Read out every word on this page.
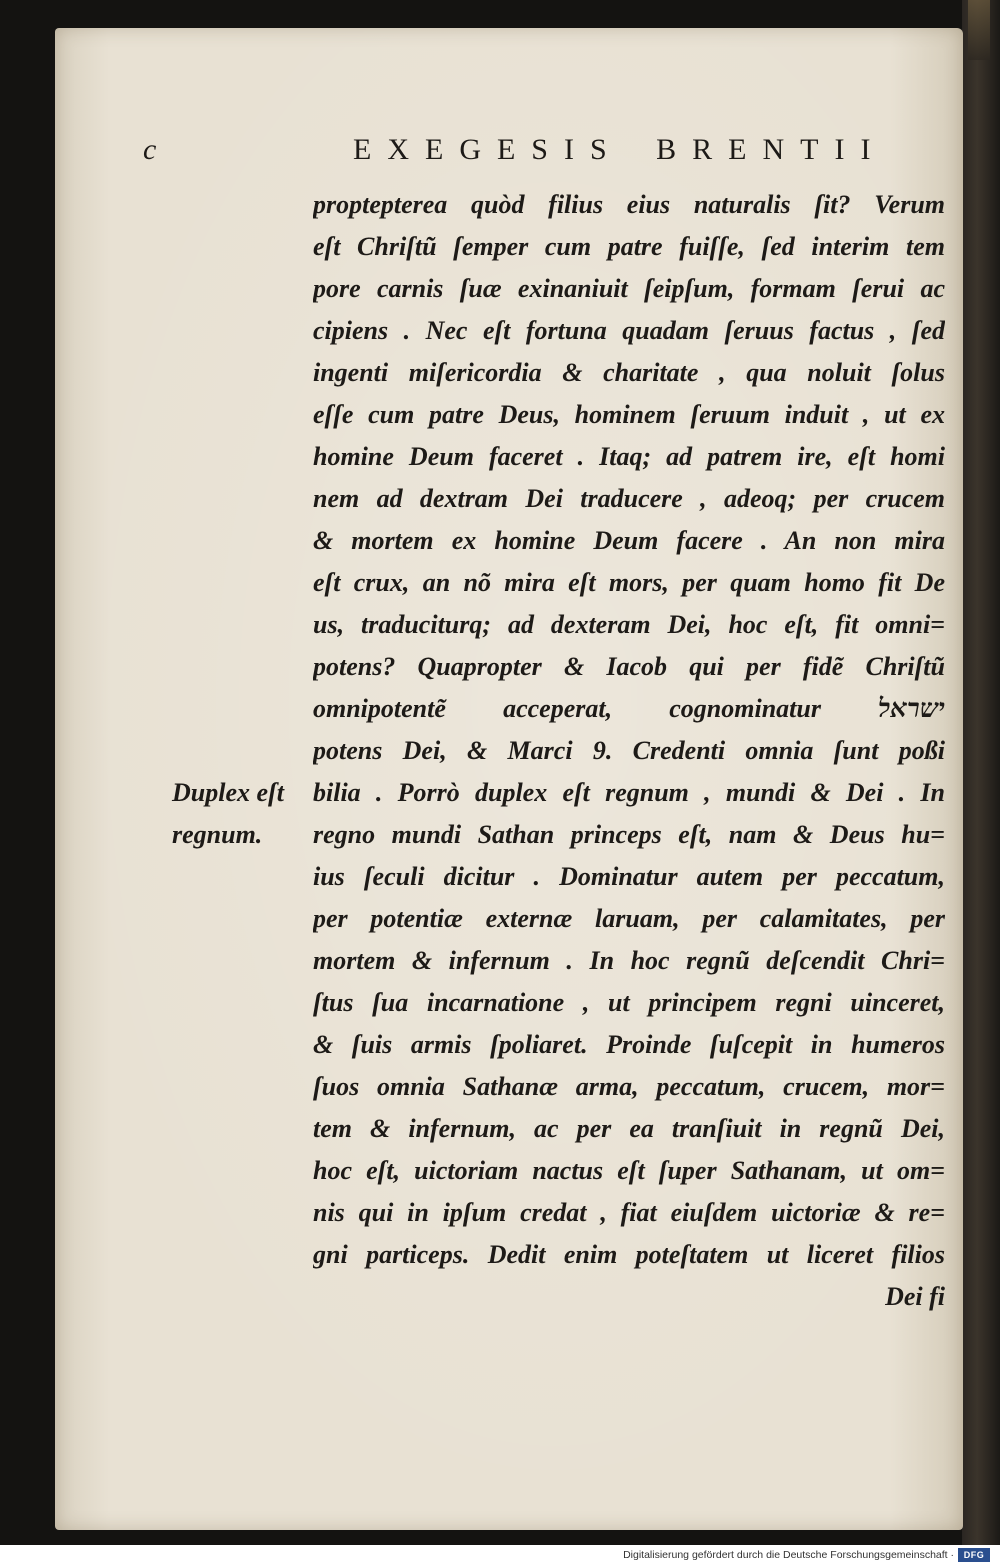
c	EXEGESIS BRENTII
Duplex eſt
regnum.
proptepterea quòd filius eius naturalis ſit? Verum
eſt Chriſtũ ſemper cum patre fuiſſe, ſed interim tem
pore carnis ſuæ exinaniuit ſeipſum, formam ſerui ac
cipiens . Nec eſt fortuna quadam ſeruus factus , ſed
ingenti miſericordia & charitate , qua noluit ſolus
eſſe cum patre Deus, hominem ſeruum induit , ut ex
homine Deum faceret . Itaq; ad patrem ire, eſt homi
nem ad dextram Dei traducere , adeoq; per crucem
& mortem ex homine Deum facere . An non mira
eſt crux, an nõ mira eſt mors, per quam homo fit De
us, traduciturq; ad dexteram Dei, hoc eſt, fit omni=
potens? Quapropter & Iacob qui per fidẽ Chriſtũ
omnipotentẽ acceperat, cognominatur ישראל
potens Dei, & Marci 9. Credenti omnia ſunt poßi
bilia . Porrò duplex eſt regnum , mundi & Dei . In
regno mundi Sathan princeps eſt, nam & Deus hu=
ius ſeculi dicitur . Dominatur autem per peccatum,
per potentiæ externæ laruam, per calamitates, per
mortem & infernum . In hoc regnũ deſcendit Chri=
ſtus ſua incarnatione , ut principem regni uinceret,
& ſuis armis ſpoliaret. Proinde ſuſcepit in humeros
ſuos omnia Sathanæ arma, peccatum, crucem, mor=
tem & infernum, ac per ea tranſiuit in regnũ Dei,
hoc eſt, uictoriam nactus eſt ſuper Sathanam, ut om=
nis qui in ipſum credat , fiat eiuſdem uictoriæ & re=
gni particeps. Dedit enim poteſtatem ut liceret filios
Dei fi
Digitalisierung gefördert durch die Deutsche Forschungsgemeinschaft ·	DFG
